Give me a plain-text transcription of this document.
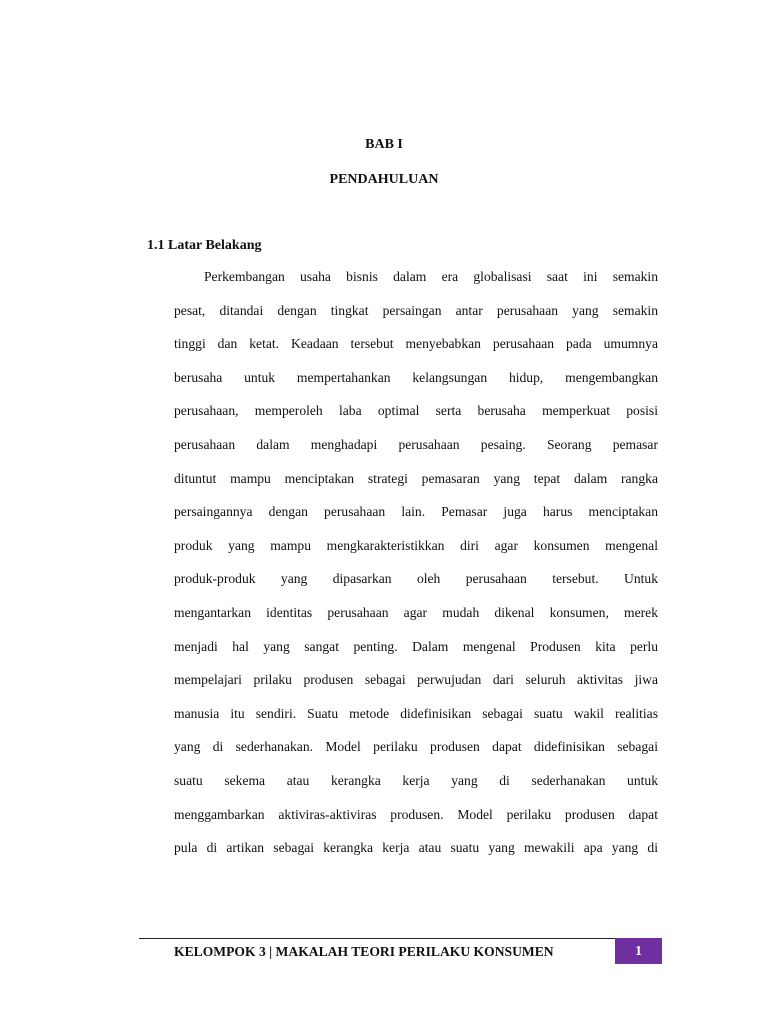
BAB I
PENDAHULUAN
1.1 Latar Belakang
Perkembangan usaha bisnis dalam era globalisasi saat ini semakin
pesat, ditandai dengan tingkat persaingan antar perusahaan yang semakin
tinggi dan ketat. Keadaan tersebut menyebabkan perusahaan pada umumnya
berusaha untuk mempertahankan kelangsungan hidup, mengembangkan
perusahaan, memperoleh laba optimal serta berusaha memperkuat posisi
perusahaan dalam menghadapi perusahaan pesaing. Seorang pemasar
dituntut mampu menciptakan strategi pemasaran yang tepat dalam rangka
persaingannya dengan perusahaan lain. Pemasar juga harus menciptakan
produk yang mampu mengkarakteristikkan diri agar konsumen mengenal
produk-produk yang dipasarkan oleh perusahaan tersebut. Untuk
mengantarkan identitas perusahaan agar mudah dikenal konsumen, merek
menjadi hal yang sangat penting. Dalam mengenal Produsen kita perlu
mempelajari prilaku produsen sebagai perwujudan dari seluruh aktivitas jiwa
manusia itu sendiri. Suatu metode didefinisikan sebagai suatu wakil realitias
yang di sederhanakan. Model perilaku produsen dapat didefinisikan sebagai
suatu sekema atau kerangka kerja yang di sederhanakan untuk
menggambarkan aktiviras-aktiviras produsen. Model perilaku produsen dapat
pula di artikan sebagai kerangka kerja atau suatu yang mewakili apa yang di
KELOMPOK 3 | MAKALAH TEORI PERILAKU KONSUMEN	1
